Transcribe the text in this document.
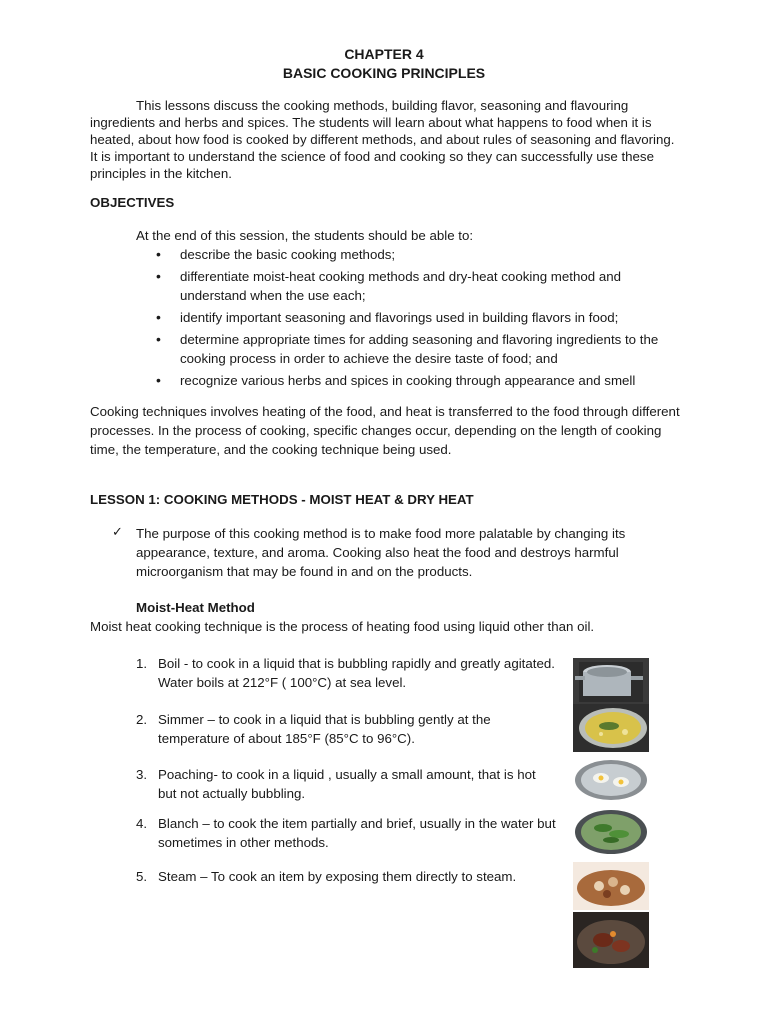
CHAPTER 4
BASIC COOKING PRINCIPLES

This lessons discuss the cooking methods, building flavor, seasoning and flavouring ingredients and herbs and spices. The students will learn about what happens to food when it is heated, about how food is cooked by different methods, and about rules of seasoning and flavoring. It is important to understand the science of food and cooking so they can successfully use these principles in the kitchen.

OBJECTIVES
At the end of this session, the students should be able to:
• describe the basic cooking methods;
• differentiate moist-heat cooking methods and dry-heat cooking method and understand when the use each;
• identify important seasoning and flavorings used in building flavors in food;
• determine appropriate times for adding seasoning and flavoring ingredients to the cooking process in order to achieve the desire taste of food; and
• recognize various herbs and spices in cooking through appearance and smell

Cooking techniques involves heating of the food, and heat is transferred to the food through different processes. In the process of cooking, specific changes occur, depending on the length of cooking time, the temperature, and the cooking technique being used.

LESSON 1: COOKING METHODS - MOIST HEAT & DRY HEAT
✓ The purpose of this cooking method is to make food more palatable by changing its appearance, texture, and aroma. Cooking also heat the food and destroys harmful microorganism that may be found in and on the products.
Moist-Heat Method
Moist heat cooking technique is the process of heating food using liquid other than oil.
1. Boil - to cook in a liquid that is bubbling rapidly and greatly agitated. Water boils at 212°F ( 100°C) at sea level.
2. Simmer – to cook in a liquid that is bubbling gently at the temperature of about 185°F (85°C to 96°C).
3. Poaching- to cook in a liquid , usually a small amount, that is hot but not actually bubbling.
4. Blanch – to cook the item partially and brief, usually in the water but sometimes in other methods.
5. Steam – To cook an item by exposing them directly to steam.
